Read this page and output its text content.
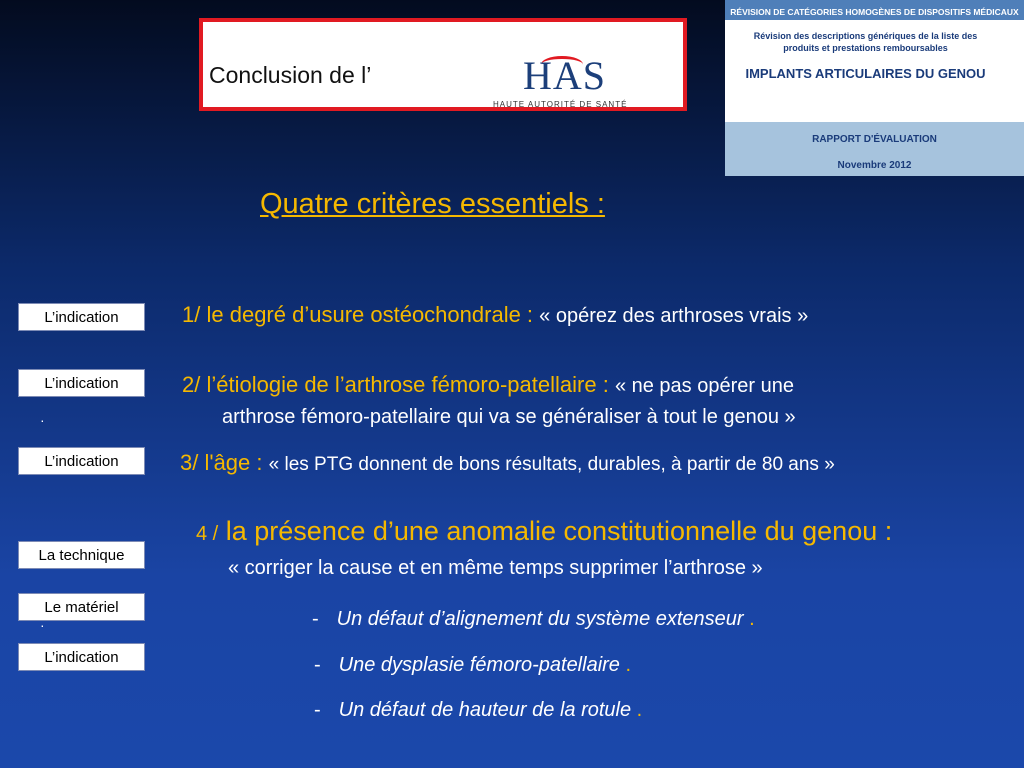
Conclusion de l’	HAS
HAUTE AUTORITÉ DE SANTÉ
RÉVISION DE CATÉGORIES HOMOGÈNES DE DISPOSITIFS MÉDICAUX
Révision des descriptions génériques de la liste des produits et prestations remboursables
IMPLANTS ARTICULAIRES DU GENOU
RAPPORT D'ÉVALUATION
Novembre 2012
Quatre critères essentiels :
L’indication
L’indication
·
L’indication
La technique
Le matériel
·
L’indication
1/ le degré d’usure ostéochondrale : « opérez des arthroses vrais »
2/ l’étiologie de l’arthrose fémoro-patellaire : « ne pas opérer une
arthrose fémoro-patellaire qui va se généraliser à tout le genou »
3/ l'âge : « les PTG donnent de bons résultats, durables, à partir de 80 ans »
4 / la présence d’une anomalie constitutionnelle du genou :
« corriger la cause et en même temps supprimer l’arthrose »
- Un défaut d’alignement du système extenseur .
- Une dysplasie fémoro-patellaire .
- Un défaut de hauteur de la rotule .
